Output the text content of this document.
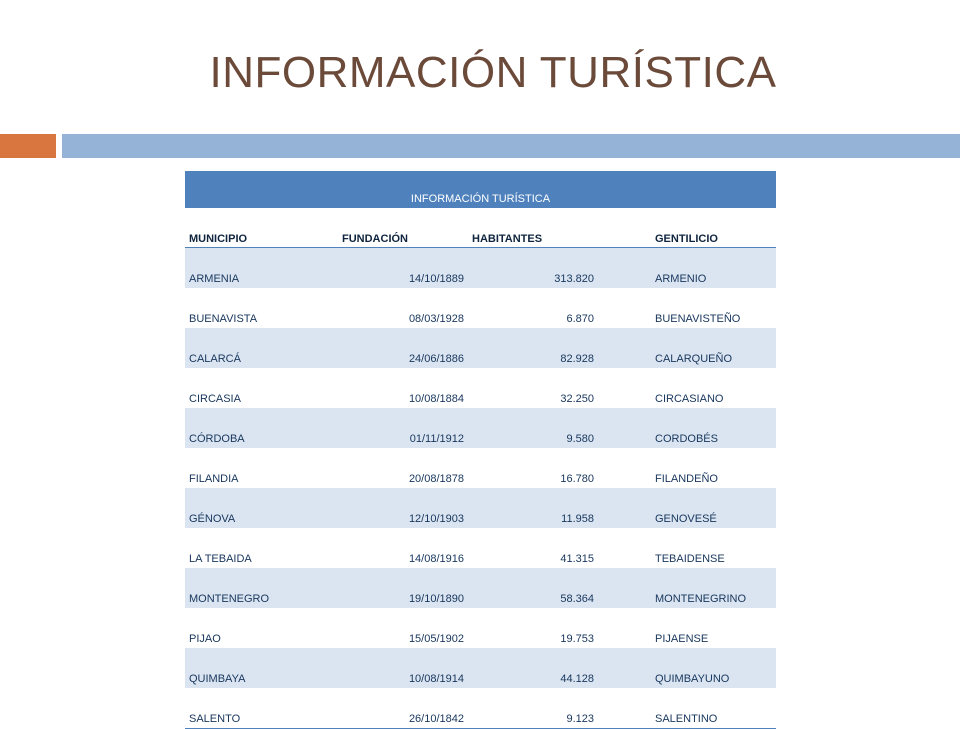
INFORMACIÓN TURÍSTICA
INFORMACIÓN TURÍSTICA
MUNICIPIO	FUNDACIÓN	HABITANTES	GENTILICIO
ARMENIA	14/10/1889	313.820	ARMENIO
BUENAVISTA	08/03/1928	6.870	BUENAVISTEÑO
CALARCÁ	24/06/1886	82.928	CALARQUEÑO
CIRCASIA	10/08/1884	32.250	CIRCASIANO
CÓRDOBA	01/11/1912	9.580	CORDOBÉS
FILANDIA	20/08/1878	16.780	FILANDEÑO
GÉNOVA	12/10/1903	11.958	GENOVESÉ
LA TEBAIDA	14/08/1916	41.315	TEBAIDENSE
MONTENEGRO	19/10/1890	58.364	MONTENEGRINO
PIJAO	15/05/1902	19.753	PIJAENSE
QUIMBAYA	10/08/1914	44.128	QUIMBAYUNO
SALENTO	26/10/1842	9.123	SALENTINO
